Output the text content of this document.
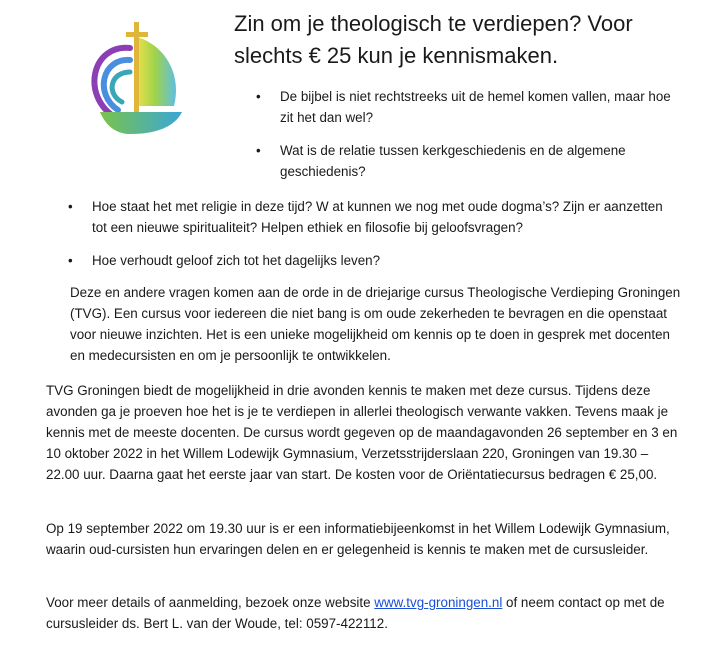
Zin om je theologisch te verdiepen? Voor slechts € 25 kun je kennismaken.

• De bijbel is niet rechtstreeks uit de hemel komen vallen, maar hoe zit het dan wel?

• Wat is de relatie tussen kerkgeschiedenis en de algemene geschiedenis?

• Hoe staat het met religie in deze tijd? W at kunnen we nog met oude dogma’s? Zijn er aanzetten tot een nieuwe spiritualiteit? Helpen ethiek en filosofie bij geloofsvragen?

• Hoe verhoudt geloof zich tot het dagelijks leven?

Deze en andere vragen komen aan de orde in de driejarige cursus Theologische Verdieping Groningen (TVG). Een cursus voor iedereen die niet bang is om oude zekerheden te bevragen en die openstaat voor nieuwe inzichten. Het is een unieke mogelijkheid om kennis op te doen in gesprek met docenten en medecursisten en om je persoonlijk te ontwikkelen.

TVG Groningen biedt de mogelijkheid in drie avonden kennis te maken met deze cursus. Tijdens deze avonden ga je proeven hoe het is je te verdiepen in allerlei theologisch verwante vakken. Tevens maak je kennis met de meeste docenten. De cursus wordt gegeven op de maandagavonden 26 september en 3 en 10 oktober 2022 in het Willem Lodewijk Gymnasium, Verzetsstrijderslaan 220, Groningen van 19.30 – 22.00 uur. Daarna gaat het eerste jaar van start. De kosten voor de Oriëntatiecursus bedragen € 25,00.

Op 19 september 2022 om 19.30 uur is er een informatiebijeenkomst in het Willem Lodewijk Gymnasium, waarin oud-cursisten hun ervaringen delen en er gelegenheid is kennis te maken met de cursusleider.

Voor meer details of aanmelding, bezoek onze website www.tvg-groningen.nl of neem contact op met de cursusleider ds. Bert L. van der Woude, tel: 0597-422112.
